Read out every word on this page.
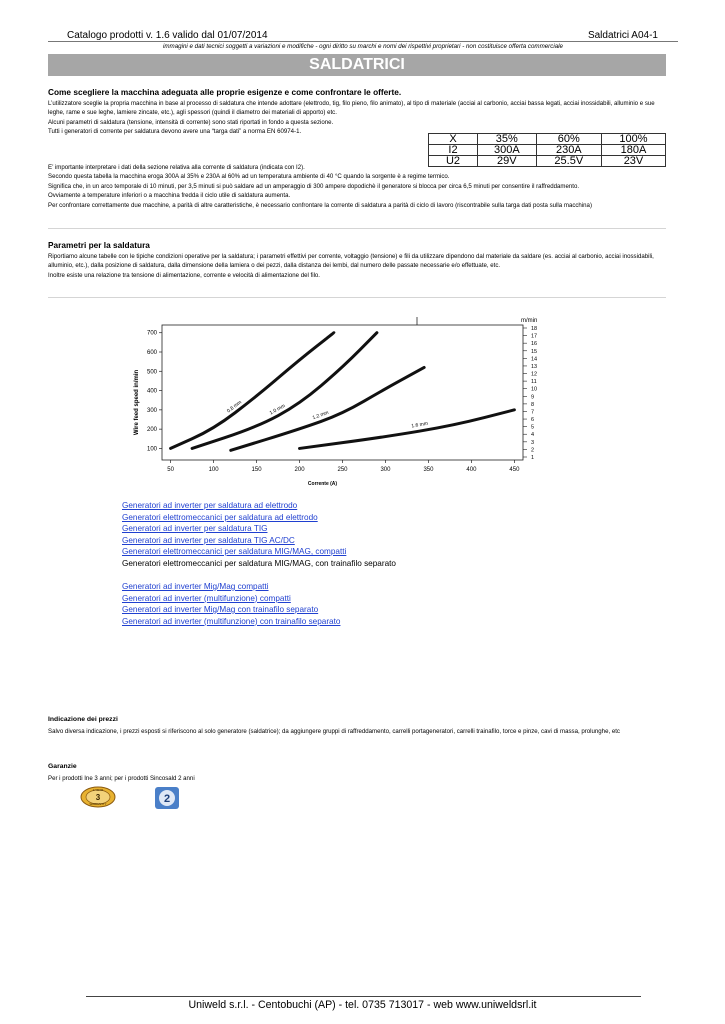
Catalogo prodotti v. 1.6 valido dal 01/07/2014	Saldatrici A04-1
immagini e dati tecnici soggetti a variazioni e modifiche - ogni diritto su marchi e nomi dei rispettivi proprietari - non costituisce offerta commerciale
SALDATRICI
Come scegliere la macchina adeguata alle proprie esigenze e come confrontare le offerte.
L’utilizzatore sceglie la propria macchina in base al processo di saldatura che intende adottare (elettrodo, tig, filo pieno, filo animato), al tipo di materiale (acciai al carbonio, acciai bassa legati, acciai inossidabili, alluminio e sue leghe, rame e sue leghe, lamiere zincate, etc.), agli spessori (quindi il diametro dei materiali di apporto) etc.
Alcuni parametri di saldatura (tensione, intensità di corrente) sono stati riportati in fondo a questa sezione.
Tutti i generatori di corrente per saldatura devono avere una “targa dati” a norma EN 60974-1.
X	35%	60%	100%
I2	300A	230A	180A
U2	29V	25.5V	23V
E’ importante interpretare i dati della sezione relativa alla corrente di saldatura (indicata con I2).
Secondo questa tabella la macchina eroga 300A al 35% e 230A al 60% ad un temperatura ambiente di 40 °C quando la sorgente è a regime termico.
Significa che, in un arco temporale di 10 minuti, per 3,5 minuti si può saldare ad un amperaggio di 300 ampere dopodichè il generatore si blocca per circa 6,5 minuti per consentire il raffreddamento.
Ovviamente a temperature inferiori o a macchina fredda il ciclo utile di saldatura aumenta.
Per confrontare correttamente due macchine, a parità di altre caratteristiche, è necessario confrontare la corrente di saldatura a parità di ciclo di lavoro (riscontrabile sulla targa dati posta sulla macchina)
Parametri per la saldatura
Riportiamo alcune tabelle con le tipiche condizioni operative per la saldatura; i parametri effettivi per corrente, voltaggio (tensione) e fili da utilizzare dipendono dal materiale da saldare (es. acciai al carbonio, acciai inossidabili, alluminio, etc.), dalla posizione di saldatura, dalla dimensione della lamiera o dei pezzi, dalla distanza dei lembi, dal numero delle passate necessarie e/o effettuate, etc.
Inoltre esiste una relazione tra tensione di alimentazione, corrente e velocità di alimentazione del filo.
50	100	150	200	250	300	350	400	450
100
200
300
400
500
600
700
m/min
18
17
16
15
14
13
12
11
10
9
8
7
6
5
4
3
2
1
Corrente (A)
Wire feed speed in/min	0.8 mm	1.0 mm	1.2 mm
1.6 mm
Generatori ad inverter per saldatura ad elettrodo
Generatori elettromeccanici per saldatura ad elettrodo
Generatori ad inverter per saldatura TIG
Generatori ad inverter per saldatura TIG AC/DC
Generatori elettromeccanici per saldatura MIG/MAG, compatti
Generatori elettromeccanici per saldatura MIG/MAG, con trainafilo separato
Generatori ad inverter Mig/Mag compatti
Generatori ad inverter (multifunzione) compatti
Generatori ad inverter Mig/Mag con trainafilo separato
Generatori ad inverter (multifunzione) con trainafilo separato
Indicazione dei prezzi
Salvo diversa indicazione, i prezzi esposti si riferiscono al solo generatore (saldatrice); da aggiungere gruppi di raffreddamento, carrelli portageneratori, carrelli trainafilo, torce e pinze, cavi di massa, prolunghe, etc
Garanzie
Per i prodotti Ine 3 anni; per i prodotti Sincosald 2 anni
3 YEAR
3
WARRANTY	2
Uniweld s.r.l. - Centobuchi (AP) - tel. 0735 713017 - web www.uniweldsrl.it
